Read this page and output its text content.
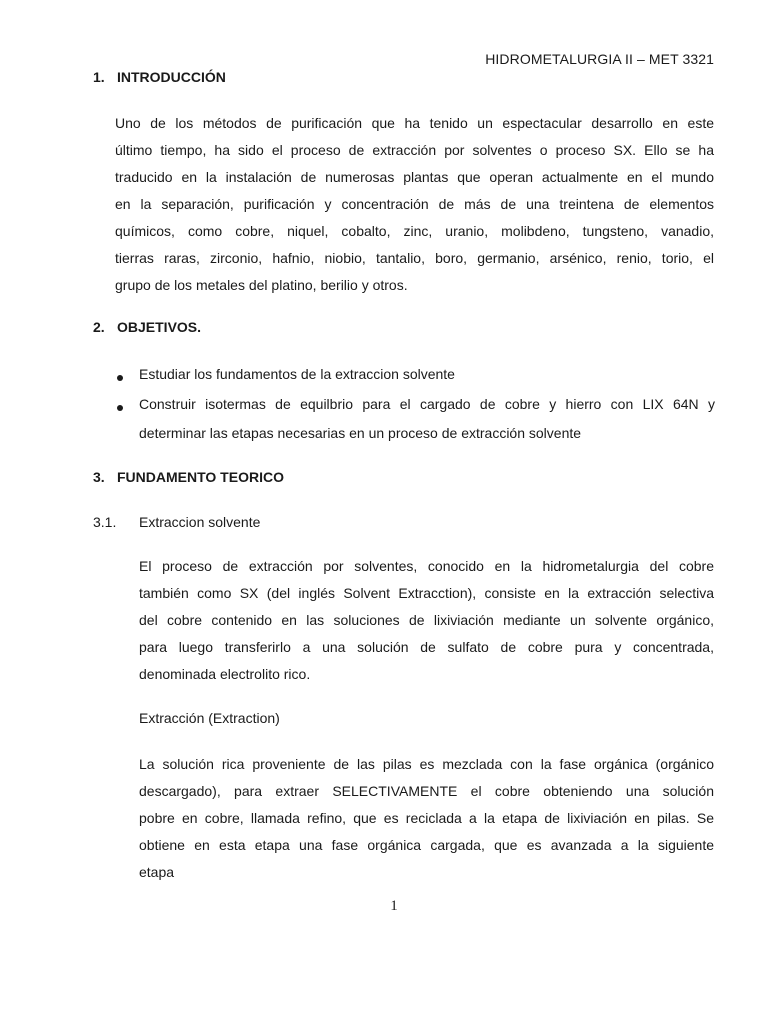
HIDROMETALURGIA II – MET 3321
1. INTRODUCCIÓN
Uno de los métodos de purificación que ha tenido un espectacular desarrollo en este
último tiempo, ha sido el proceso de extracción por solventes o proceso SX. Ello se ha
traducido en la instalación de numerosas plantas que operan actualmente en el mundo
en la separación, purificación y concentración de más de una treintena de elementos
químicos, como cobre, niquel, cobalto, zinc, uranio, molibdeno, tungsteno, vanadio,
tierras raras, zirconio, hafnio, niobio, tantalio, boro, germanio, arsénico, renio, torio, el
grupo de los metales del platino, berilio y otros.
2. OBJETIVOS.
Estudiar los fundamentos de la extraccion solvente
Construir isotermas de equilbrio para el cargado de cobre y hierro con LIX 64N y
determinar las etapas necesarias en un proceso de extracción solvente
3. FUNDAMENTO TEORICO
3.1. Extraccion solvente
El proceso de extracción por solventes, conocido en la hidrometalurgia del cobre
también como SX (del inglés Solvent Extracction), consiste en la extracción selectiva
del cobre contenido en las soluciones de lixiviación mediante un solvente orgánico,
para luego transferirlo a una solución de sulfato de cobre pura y concentrada,
denominada electrolito rico.
Extracción (Extraction)
La solución rica proveniente de las pilas es mezclada con la fase orgánica (orgánico
descargado), para extraer SELECTIVAMENTE el cobre obteniendo una solución
pobre en cobre, llamada refino, que es reciclada a la etapa de lixiviación en pilas. Se
obtiene en esta etapa una fase orgánica cargada, que es avanzada a la siguiente
etapa
1
